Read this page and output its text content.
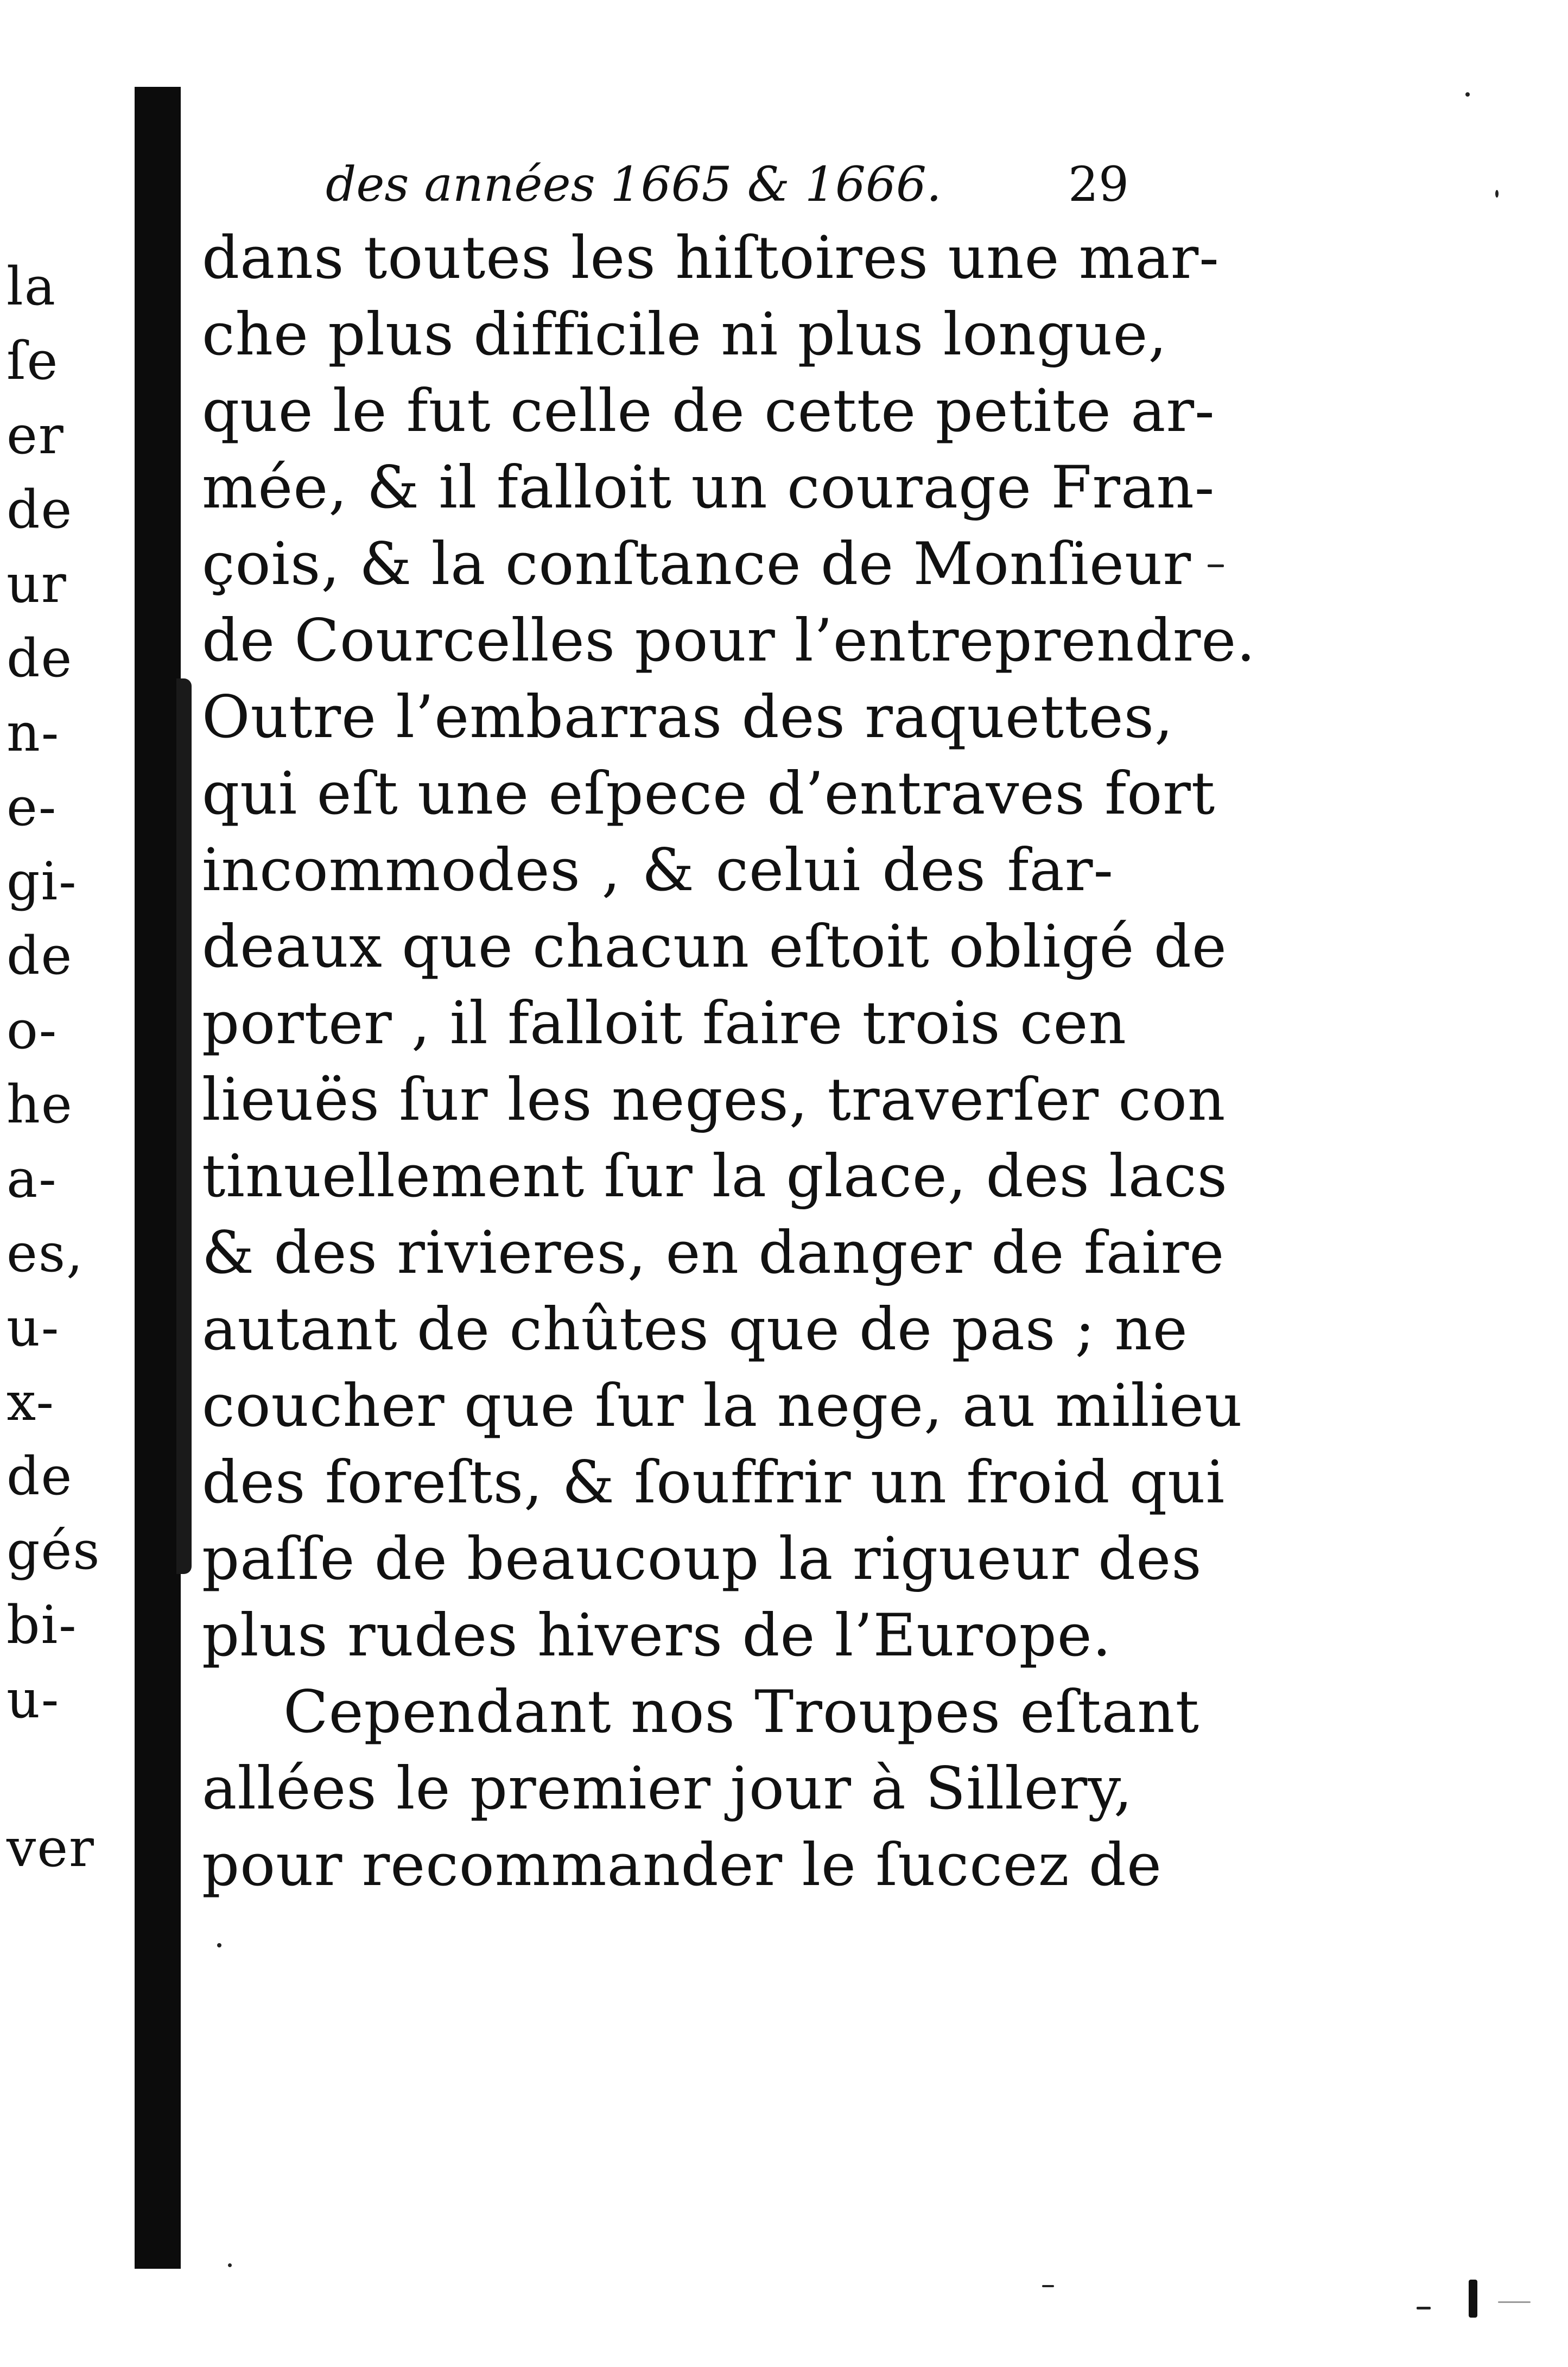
la
ſe
er
de
ur
de
n-
e-
gi-
de
o-
he
a-
es,
u-
x-
de
gés
bi-
u-
ver
des années 1665 & 1666.	29
dans toutes les hiſtoires une mar-
che plus difficile ni plus longue,
que le fut celle de cette petite ar-
mée, & il falloit un courage Fran-
çois, & la conſtance de Monſieur
de Courcelles pour l’entreprendre.
Outre l’embarras des raquettes,
qui eſt une eſpece d’entraves fort
incommodes , & celui des far-
deaux que chacun eſtoit obligé de
porter , il falloit faire trois cen
lieuës ſur les neges, traverſer con
tinuellement ſur la glace, des lacs
& des rivieres, en danger de faire
autant de chûtes que de pas ; ne
coucher que ſur la nege, au milieu
des foreſts, & ſouffrir un froid qui
paſſe de beaucoup la rigueur des
plus rudes hivers de l’Europe.
Cependant nos Troupes eſtant
allées le premier jour à Sillery,
pour recommander le ſuccez de
